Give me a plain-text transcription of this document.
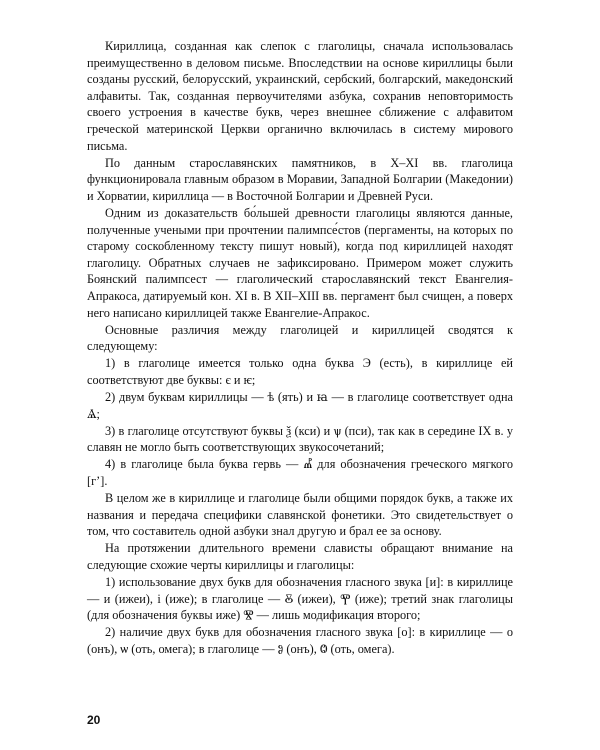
Кириллица, созданная как слепок с глаголицы, сначала использовалась преимущественно в деловом письме. Впоследствии на основе кириллицы были созданы русский, белорусский, украинский, сербский, болгарский, македонский алфавиты. Так, созданная первоучителями азбука, сохранив неповторимость своего устроения в качестве букв, через внешнее сближение с алфавитом греческой материнской Церкви органично включилась в систему мирового письма.

По данным старославянских памятников, в X–XI вв. глаголица функционировала главным образом в Моравии, Западной Болгарии (Македонии) и Хорватии, кириллица — в Восточной Болгарии и Древней Руси.

Одним из доказательств бо́льшей древности глаголицы являются данные, полученные учеными при прочтении палимпсе́стов (пергаменты, на которых по старому соскобленному тексту пишут новый), когда под кириллицей находят глаголицу. Обратных случаев не зафиксировано. Примером может служить Боянский палимпсест — глаголический старославянский текст Евангелия-Апракоса, датируемый кон. XI в. В XII–XIII вв. пергамент был счищен, а поверх него написано кириллицей также Евангелие-Апракос.

Основные различия между глаголицей и кириллицей сводятся к следующему:

1) в глаголице имеется только одна буква Э (есть), в кириллице ей соответствуют две буквы: є и ѥ;

2) двум буквам кириллицы — ѣ (ять) и ꙗ — в глаголице соответствует одна Ⱑ;

3) в глаголице отсутствуют буквы ѯ (кси) и ѱ (пси), так как в середине IX в. у славян не могло быть соответствующих звукосочетаний;

4) в глаголице была буква гервь — Ⰼ для обозначения греческого мягкого [г’].

В целом же в кириллице и глаголице были общими порядок букв, а также их названия и передача специфики славянской фонетики. Это свидетельствует о том, что составитель одной азбуки знал другую и брал ее за основу.

На протяжении длительного времени слависты обращают внимание на следующие схожие черты кириллицы и глаголицы:

1) использование двух букв для обозначения гласного звука [и]: в кириллице — и (ижеи), і (иже); в глаголице — Ⰻ (ижеи), Ⰹ (иже); третий знак глаголицы (для обозначения буквы иже) Ⰺ — лишь модификация второго;

2) наличие двух букв для обозначения гласного звука [о]: в кириллице — о (онъ), ѡ (оть, омега); в глаголице — Ⱁ (онъ), Ⱉ (оть, омега).

20
